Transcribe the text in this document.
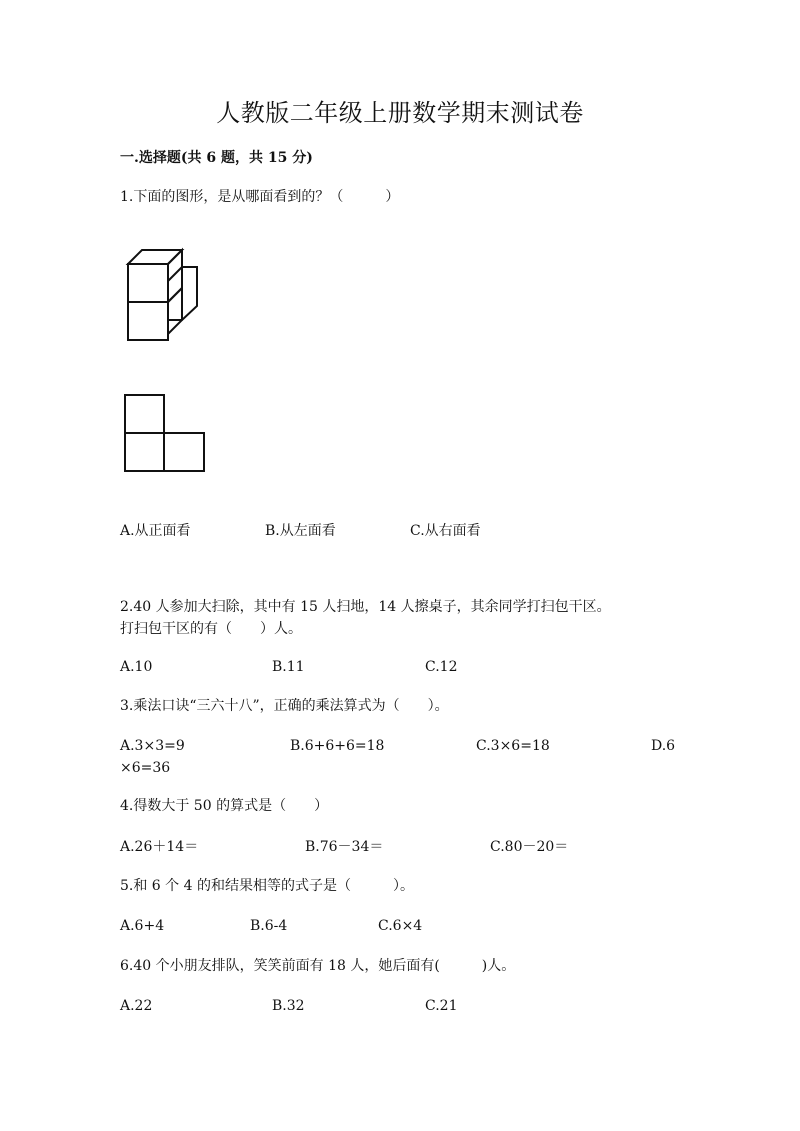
人教版二年级上册数学期末测试卷
一.选择题(共 6 题，共 15 分)
1.下面的图形，是从哪面看到的？（　　　）
A.从正面看	B.从左面看	C.从右面看
2.40 人参加大扫除，其中有 15 人扫地，14 人擦桌子，其余同学打扫包干区。
打扫包干区的有（　　）人。
A.10	B.11	C.12
3.乘法口诀“三六十八”，正确的乘法算式为（　　）。
A.3×3=9	B.6+6+6=18	C.3×6=18	D.6
×6=36
4.得数大于 50 的算式是（　　）
A.26＋14＝	B.76－34＝	C.80－20＝
5.和 6 个 4 的和结果相等的式子是（　　　）。
A.6+4	B.6-4	C.6×4
6.40 个小朋友排队，笑笑前面有 18 人，她后面有(　　　)人。
A.22	B.32	C.21
